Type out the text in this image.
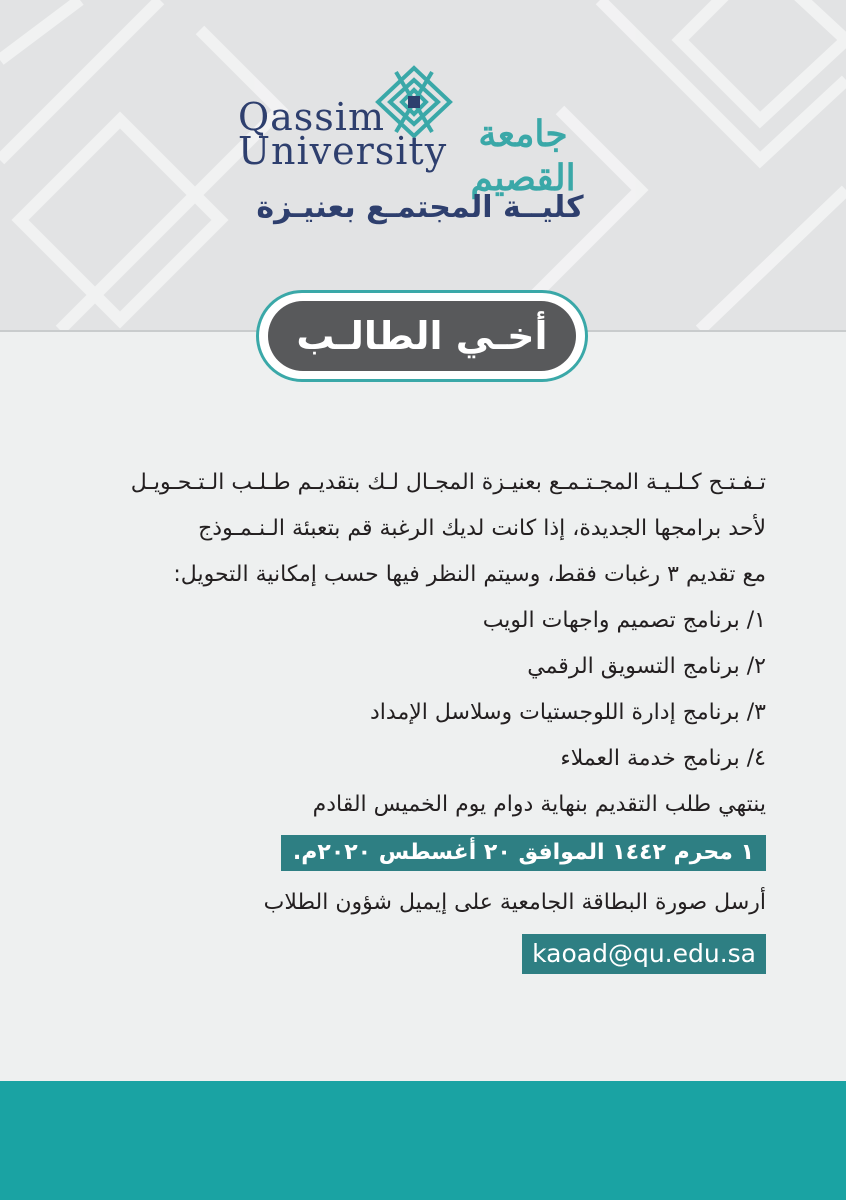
Qassim
University جامعة القصيم
كليــة المجتمـع بعنيـزة
أخـي الطالـب
تـفـتـح كـلـيـة المجـتـمـع بعنيـزة المجـال لـك بتقديـم طـلـب الـتـحـويـل
لأحد برامجها الجديدة، إذا كانت لديك الرغبة قم بتعبئة الـنـمـوذج
مع تقديم ٣ رغبات فقط، وسيتم النظر فيها حسب إمكانية التحويل:
١/ برنامج تصميم واجهات الويب
٢/ برنامج التسويق الرقمي
٣/ برنامج إدارة اللوجستيات وسلاسل الإمداد
٤/ برنامج خدمة العملاء
ينتهي طلب التقديم بنهاية دوام يوم الخميس القادم
١ محرم ١٤٤٢ الموافق ٢٠ أغسطس ٢٠٢٠م.
أرسل صورة البطاقة الجامعية على إيميل شؤون الطلاب
kaoad@qu.edu.sa
